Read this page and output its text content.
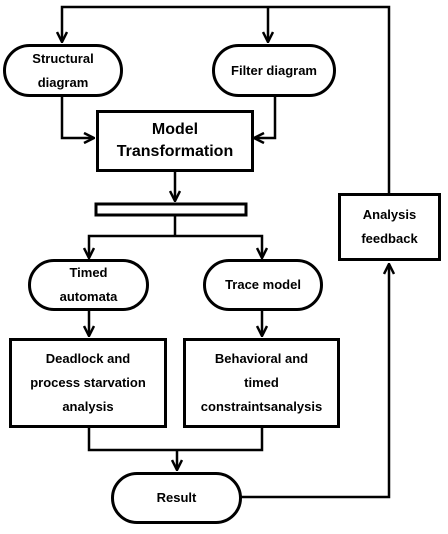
Structural
diagram
Filter diagram
Model
Transformation
Timed
automata
Trace model
Deadlock and
process starvation
analysis
Behavioral and
timed
constraintsanalysis
Result
Analysis
feedback
